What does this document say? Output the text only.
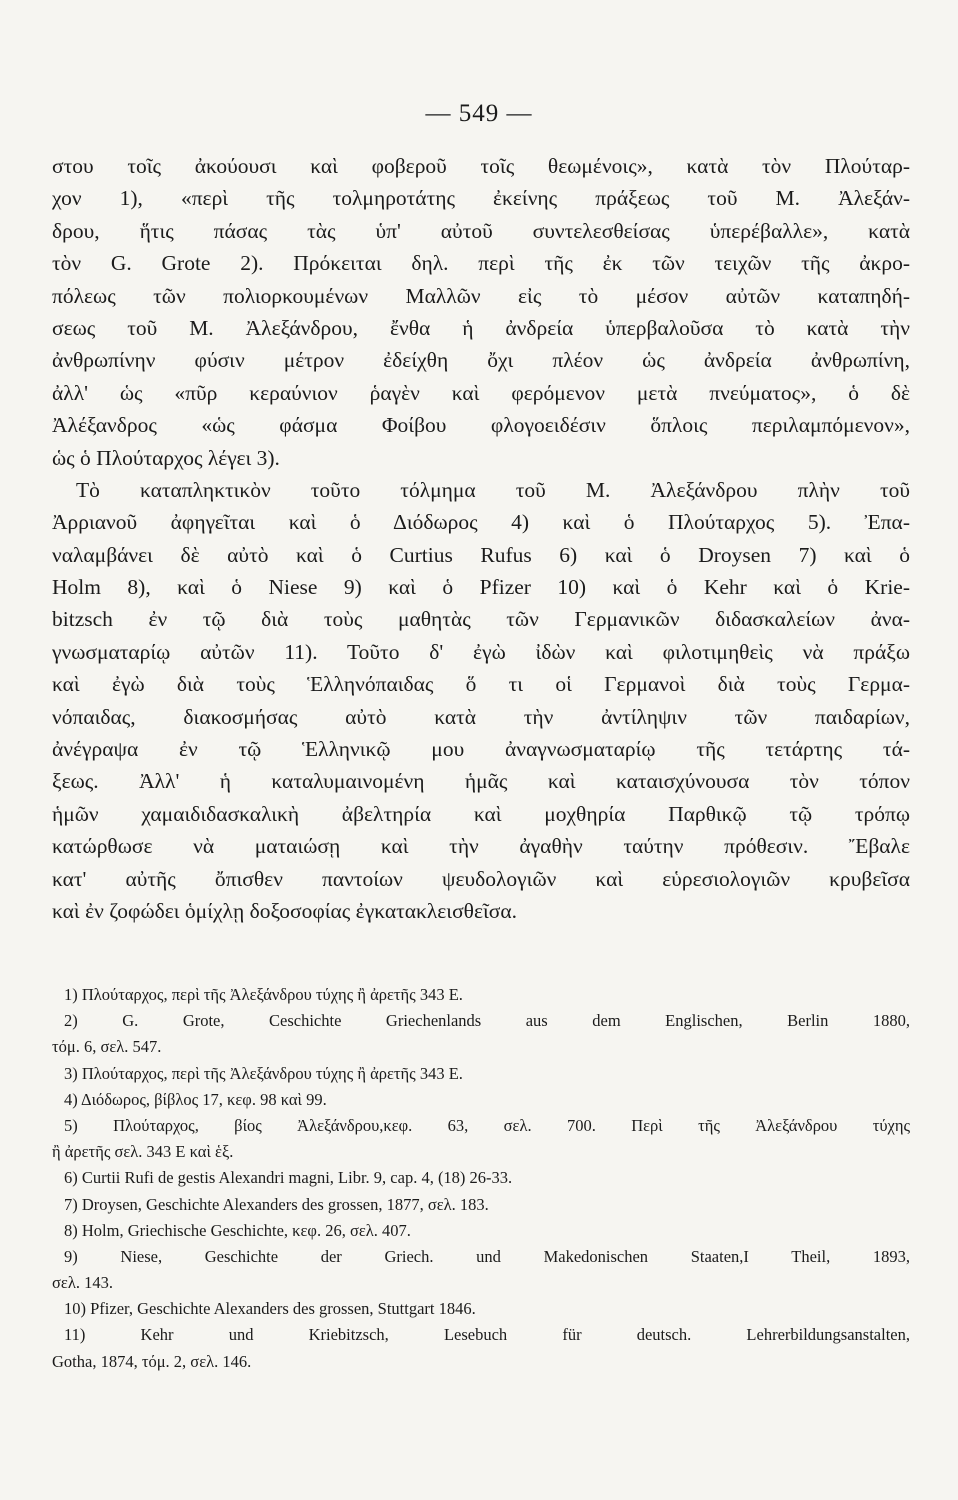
— 549 —
στου τοῖς ἀκούουσι καὶ φοβεροῦ τοῖς θεωμένοις», κατὰ τὸν Πλούταρ-
χον 1), «περὶ τῆς τολμηροτάτης ἐκείνης πράξεως τοῦ Μ. Ἀλεξάν-
δρου, ἥτις πάσας τὰς ὑπ' αὐτοῦ συντελεσθείσας ὑπερέβαλλε», κατὰ
τὸν G. Grote 2). Πρόκειται δηλ. περὶ τῆς ἐκ τῶν τειχῶν τῆς ἀκρο-
πόλεως τῶν πολιορκουμένων Μαλλῶν εἰς τὸ μέσον αὐτῶν καταπηδή-
σεως τοῦ Μ. Ἀλεξάνδρου, ἔνθα ἡ ἀνδρεία ὑπερβαλοῦσα τὸ κατὰ τὴν
ἀνθρωπίνην φύσιν μέτρον ἐδείχθη ὄχι πλέον ὡς ἀνδρεία ἀνθρωπίνη,
ἀλλ' ὡς «πῦρ κεραύνιον ῥαγὲν καὶ φερόμενον μετὰ πνεύματος», ὁ δὲ
Ἀλέξανδρος «ὡς φάσμα Φοίβου φλογοειδέσιν ὅπλοις περιλαμπόμενον»,
ὡς ὁ Πλούταρχος λέγει 3).
Τὸ καταπληκτικὸν τοῦτο τόλμημα τοῦ Μ. Ἀλεξάνδρου πλὴν τοῦ
Ἀρριανοῦ ἀφηγεῖται καὶ ὁ Διόδωρος 4) καὶ ὁ Πλούταρχος 5). Ἐπα-
ναλαμβάνει δὲ αὐτὸ καὶ ὁ Curtius Rufus 6) καὶ ὁ Droysen 7) καὶ ὁ
Holm 8), καὶ ὁ Niese 9) καὶ ὁ Pfizer 10) καὶ ὁ Kehr καὶ ὁ Krie-
bitzsch ἐν τῷ διὰ τοὺς μαθητὰς τῶν Γερμανικῶν διδασκαλείων ἀνα-
γνωσματαρίῳ αὐτῶν 11). Τοῦτο δ' ἐγὼ ἰδὼν καὶ φιλοτιμηθεὶς νὰ πράξω
καὶ ἐγὼ διὰ τοὺς Ἑλληνόπαιδας ὅ τι οἱ Γερμανοὶ διὰ τοὺς Γερμα-
νόπαιδας, διακοσμήσας αὐτὸ κατὰ τὴν ἀντίληψιν τῶν παιδαρίων,
ἀνέγραψα ἐν τῷ Ἑλληνικῷ μου ἀναγνωσματαρίῳ τῆς τετάρτης τά-
ξεως. Ἀλλ' ἡ καταλυμαινομένη ἡμᾶς καὶ καταισχύνουσα τὸν τόπον
ἡμῶν χαμαιδιδασκαλικὴ ἀβελτηρία καὶ μοχθηρία Παρθικῷ τῷ τρόπῳ
κατώρθωσε νὰ ματαιώσῃ καὶ τὴν ἀγαθὴν ταύτην πρόθεσιν. Ἔβαλε
κατ' αὐτῆς ὄπισθεν παντοίων ψευδολογιῶν καὶ εὑρεσιολογιῶν κρυβεῖσα
καὶ ἐν ζοφώδει ὁμίχλῃ δοξοσοφίας ἐγκατακλεισθεῖσα.
1) Πλούταρχος, περὶ τῆς Ἀλεξάνδρου τύχης ἢ ἀρετῆς 343 E.
2) G. Grote, Ceschichte Griechenlands aus dem Englischen, Berlin 1880,
τόμ. 6, σελ. 547.
3) Πλούταρχος, περὶ τῆς Ἀλεξάνδρου τύχης ἢ ἀρετῆς 343 E.
4) Διόδωρος, βίβλος 17, κεφ. 98 καὶ 99.
5) Πλούταρχος, βίος Ἀλεξάνδρου,κεφ. 63, σελ. 700. Περὶ τῆς Ἀλεξάνδρου τύχης
ἢ ἀρετῆς σελ. 343 E καὶ ἑξ.
6) Curtii Rufi de gestis Alexandri magni, Libr. 9, cap. 4, (18) 26-33.
7) Droysen, Geschichte Alexanders des grossen, 1877, σελ. 183.
8) Holm, Griechische Geschichte, κεφ. 26, σελ. 407.
9) Niese, Geschichte der Griech. und Makedonischen Staaten,I Theil, 1893,
σελ. 143.
10) Pfizer, Geschichte Alexanders des grossen, Stuttgart 1846.
11) Kehr und Kriebitzsch, Lesebuch für deutsch. Lehrerbildungsanstalten,
Gotha, 1874, τόμ. 2, σελ. 146.
